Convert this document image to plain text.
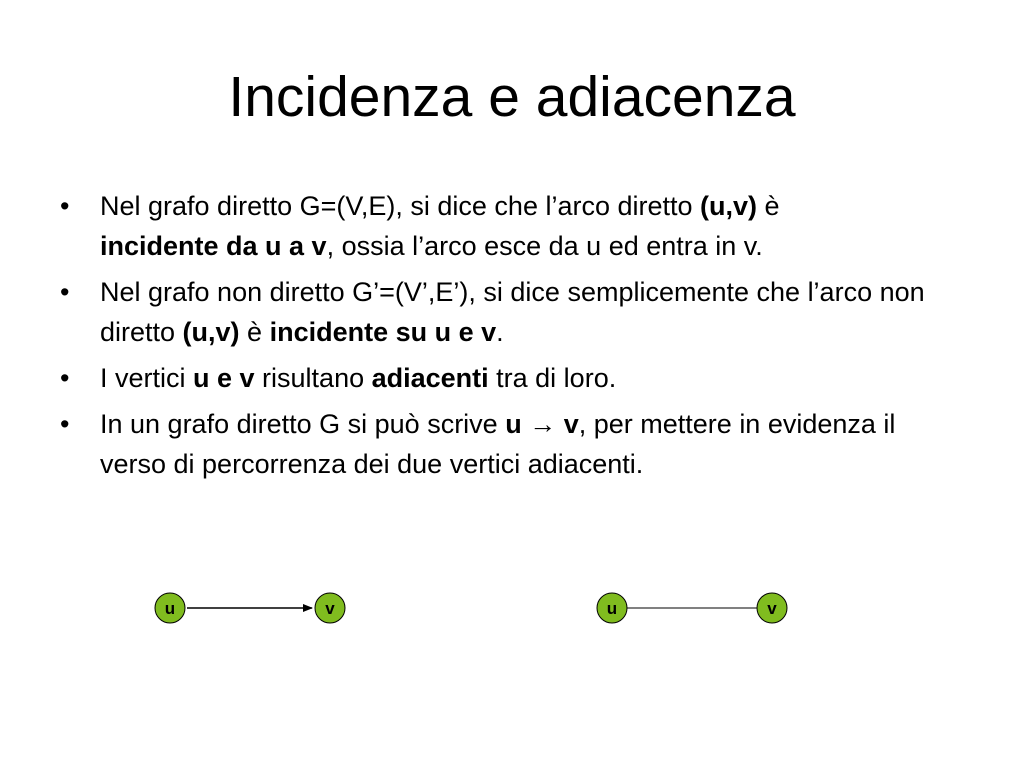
Incidenza e adiacenza
•	Nel grafo diretto G=(V,E), si dice che l’arco diretto (u,v) è
incidente da u a v, ossia l’arco esce da u ed entra in v.
•	Nel grafo non diretto G’=(V’,E’), si dice semplicemente che l’arco non diretto (u,v) è incidente su u e v.
•	I vertici u e v risultano adiacenti tra di loro.
•	In un grafo diretto G si può scrive u → v, per mettere in evidenza il verso di percorrenza dei due vertici adiacenti.
u	v	u	v
